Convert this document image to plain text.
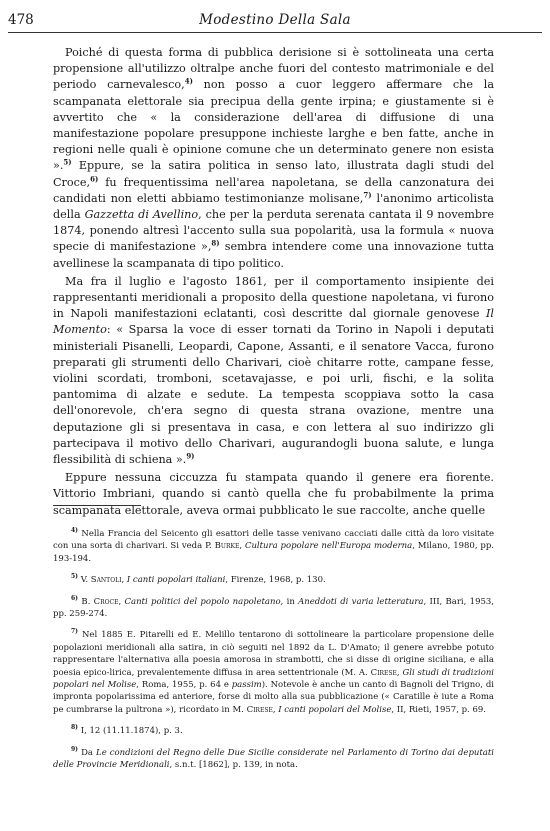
478	Modestino Della Sala

Poiché di questa forma di pubblica derisione si è sottolineata una certa propensione all'utilizzo oltralpe anche fuori del contesto matrimoniale e del periodo carnevalesco,$^{4)}$ non posso a cuor leggero affermare che la scampanata elettorale sia precipua della gente irpina; e giustamente si è avvertito che « la considerazione dell'area di diffusione di una manifestazione popolare presuppone inchieste larghe e ben fatte, anche in regioni nelle quali è opinione comune che un determinato genere non esista ».$^{5)}$ Eppure, se la satira politica in senso lato, illustrata dagli studi del Croce,$^{6)}$ fu frequentissima nell'area napoletana, se della canzonatura dei candidati non eletti abbiamo testimonianze molisane,$^{7)}$ l'anonimo articolista della Gazzetta di Avellino, che per la perduta serenata cantata il 9 novembre 1874, ponendo altresì l'accento sulla sua popolarità, usa la formula « nuova specie di manifestazione »,$^{8)}$ sembra intendere come una innovazione tutta avellinese la scampanata di tipo politico.

Ma fra il luglio e l'agosto 1861, per il comportamento insipiente dei rappresentanti meridionali a proposito della questione napoletana, vi furono in Napoli manifestazioni eclatanti, così descritte dal giornale genovese Il Momento: « Sparsa la voce di esser tornati da Torino in Napoli i deputati ministeriali Pisanelli, Leopardi, Capone, Assanti, e il senatore Vacca, furono preparati gli strumenti dello Charivari, cioè chitarre rotte, campane fesse, violini scordati, tromboni, scetavajasse, e poi urli, fischi, e la solita pantomima di alzate e sedute. La tempesta scoppiava sotto la casa dell'onorevole, ch'era segno di questa strana ovazione, mentre una deputazione gli si presentava in casa, e con lettera al suo indirizzo gli partecipava il motivo dello Charivari, augurandogli buona salute, e lunga flessibilità di schiena ».$^{9)}$

Eppure nessuna ciccuzza fu stampata quando il genere era fiorente. Vittorio Imbriani, quando si cantò quella che fu probabilmente la prima scampanata elettorale, aveva ormai pubblicato le sue raccolte, anche quelle

$^{4)}$ Nella Francia del Seicento gli esattori delle tasse venivano cacciati dalle città da loro visitate con una sorta di charivari. Si veda P. Burke, Cultura popolare nell'Europa moderna, Milano, 1980, pp. 193-194.

$^{5)}$ V. Santoli, I canti popolari italiani, Firenze, 1968, p. 130.

$^{6)}$ B. Croce, Canti politici del popolo napoletano, in Aneddoti di varia letteratura, III, Bari, 1953, pp. 259-274.

$^{7)}$ Nel 1885 E. Pitarelli ed E. Melillo tentarono di sottolineare la particolare propensione delle popolazioni meridionali alla satira, in ciò seguiti nel 1892 da L. D'Amato; il genere avrebbe potuto rappresentare l'alternativa alla poesia amorosa in strambotti, che si disse di origine siciliana, e alla poesia epico-lirica, prevalentemente diffusa in area settentrionale (M. A. Cirese, Gli studi di tradizioni popolari nel Molise, Roma, 1955, p. 64 e passim). Notevole è anche un canto di Bagnoli del Trigno, di impronta popolarissima ed anteriore, forse di molto alla sua pubblicazione (« Caratille è iute a Roma pe cumbrarse la pultrona »), ricordato in M. Cirese, I canti popolari del Molise, II, Rieti, 1957, p. 69.

$^{8)}$ I, 12 (11.11.1874), p. 3.

$^{9)}$ Da Le condizioni del Regno delle Due Sicilie considerate nel Parlamento di Torino dai deputati delle Provincie Meridionali, s.n.t. [1862], p. 139, in nota.
